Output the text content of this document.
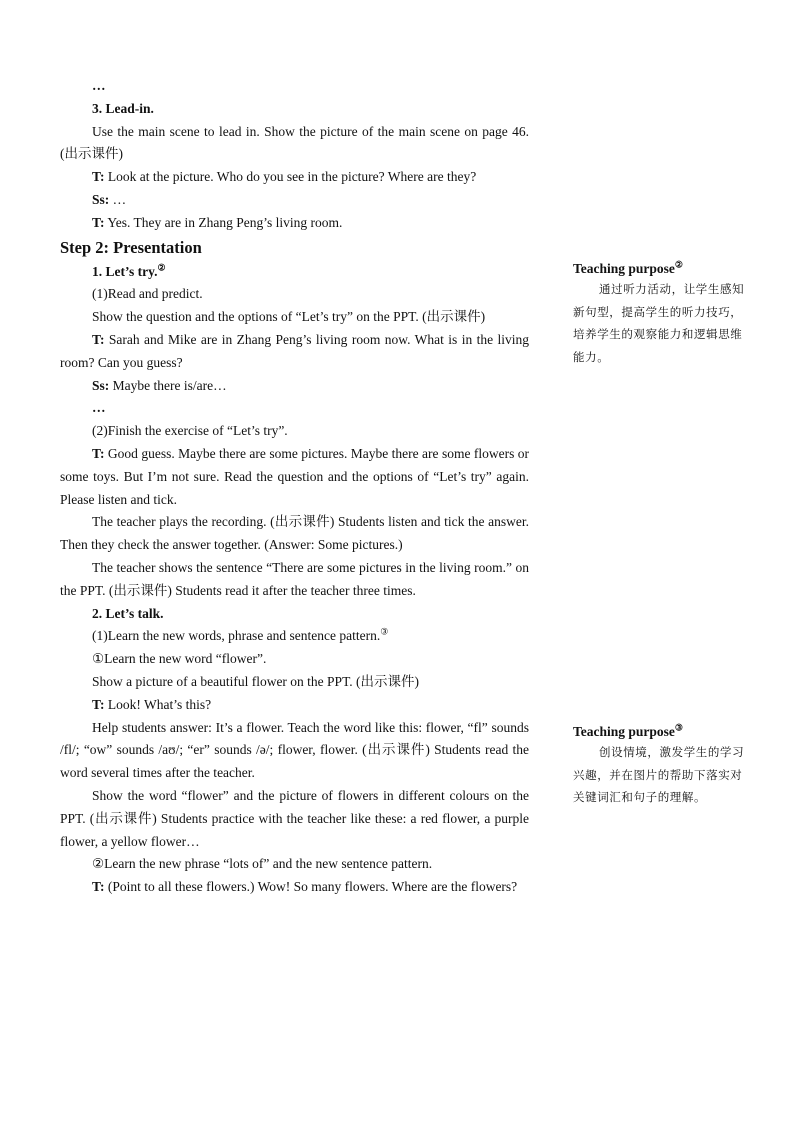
…

3. Lead-in.

Use the main scene to lead in. Show the picture of the main scene on page 46. (出示课件)

T: Look at the picture. Who do you see in the picture? Where are they?

Ss: …

T: Yes. They are in Zhang Peng’s living room.

Step 2: Presentation

1. Let’s try.②

(1)Read and predict.

Show the question and the options of “Let’s try” on the PPT. (出示课件)

T: Sarah and Mike are in Zhang Peng’s living room now. What is in the living room? Can you guess?

Ss: Maybe there is/are…

…

(2)Finish the exercise of “Let’s try”.

T: Good guess. Maybe there are some pictures. Maybe there are some flowers or some toys. But I’m not sure. Read the question and the options of “Let’s try” again. Please listen and tick.

The teacher plays the recording. (出示课件) Students listen and tick the answer. Then they check the answer together. (Answer: Some pictures.)

The teacher shows the sentence “There are some pictures in the living room.” on the PPT. (出示课件) Students read it after the teacher three times.

2. Let’s talk.

(1)Learn the new words, phrase and sentence pattern.③

①Learn the new word “flower”.

Show a picture of a beautiful flower on the PPT. (出示课件)

T: Look! What’s this?

Help students answer: It’s a flower. Teach the word like this: flower, “fl” sounds /fl/; “ow” sounds /aʊ/; “er” sounds /ə/; flower, flower. (出示课件) Students read the word several times after the teacher.

Show the word “flower” and the picture of flowers in different colours on the PPT. (出示课件) Students practice with the teacher like these: a red flower, a purple flower, a yellow flower…

②Learn the new phrase “lots of” and the new sentence pattern.

T: (Point to all these flowers.) Wow! So many flowers. Where are the flowers?

Teaching purpose②

通过听力活动，让学生感知新句型，提高学生的听力技巧，培养学生的观察能力和逻辑思维能力。

Teaching purpose③

创设情境，激发学生的学习兴趣，并在图片的帮助下落实对关键词汇和句子的理解。
